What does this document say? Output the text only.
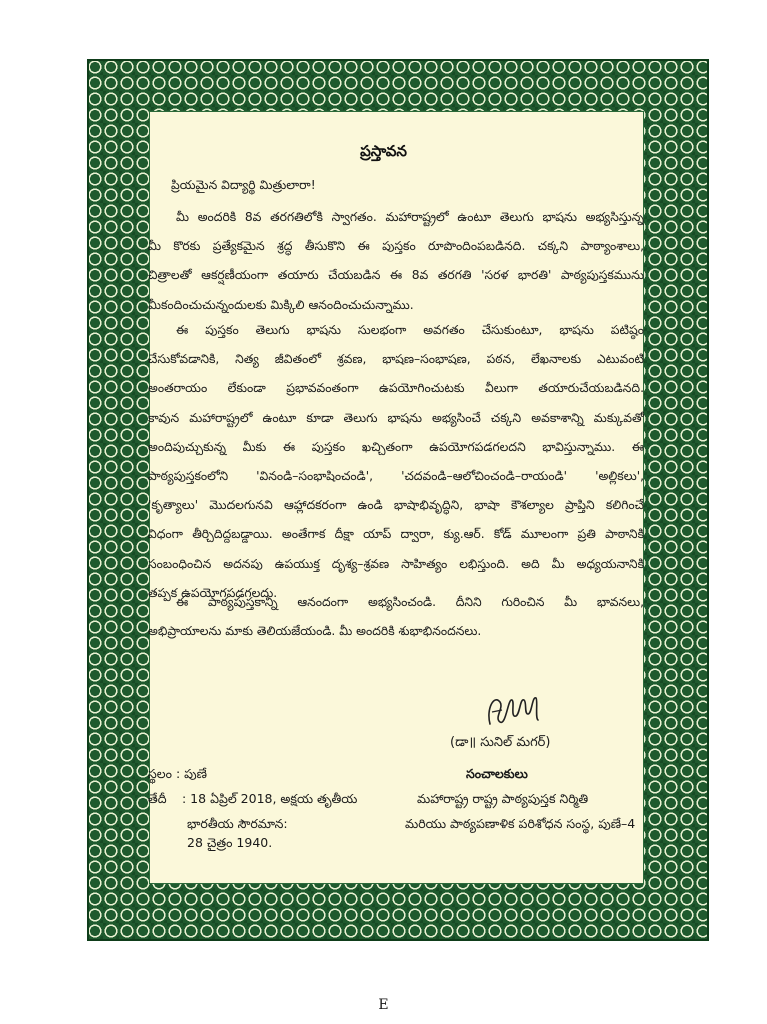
ప్రస్తావన
ప్రియమైన విద్యార్థి మిత్రులారా!
మీ అందరికి 8వ తరగతిలోకి స్వాగతం. మహారాష్ట్రలో ఉంటూ తెలుగు భాషను అభ్యసిస్తున్న
మీ కొరకు ప్రత్యేకమైన శ్రద్ధ తీసుకొని ఈ పుస్తకం రూపొందింపబడినది. చక్కని పాఠ్యాంశాలు,
చిత్రాలతో ఆకర్షణీయంగా తయారు చేయబడిన ఈ 8వ తరగతి 'సరళ భారతి' పాఠ్యపుస్తకమును
మీకందించుచున్నందులకు మిక్కిలి ఆనందించుచున్నాము.
ఈ పుస్తకం తెలుగు భాషను సులభంగా అవగతం చేసుకుంటూ, భాషను పటిష్ఠం
చేసుకోవడానికి, నిత్య జీవితంలో శ్రవణ, భాషణ–సంభాషణ, పఠన, లేఖనాలకు ఎటువంటి
అంతరాయం లేకుండా ప్రభావవంతంగా ఉపయోగించుటకు వీలుగా తయారుచేయబడినది.
కావున మహారాష్ట్రలో ఉంటూ కూడా తెలుగు భాషను అభ్యసించే చక్కని అవకాశాన్ని మక్కువతో
అందిపుచ్చుకున్న మీకు ఈ పుస్తకం ఖచ్చితంగా ఉపయోగపడగలదని భావిస్తున్నాము. ఈ
పాఠ్యపుస్తకంలోని 'వినండి–సంభాషించండి', 'చదవండి–ఆలోచించండి–రాయండి' 'అల్లికలు',
'కృత్యాలు' మొదలగునవి ఆహ్లాదకరంగా ఉండి భాషాభివృద్ధిని, భాషా కౌశల్యాల ప్రాప్తిని కలిగించే
విధంగా తీర్చిదిద్దబడ్డాయి. అంతేగాక దీక్షా యాప్ ద్వారా, క్యు.ఆర్. కోడ్ మూలంగా ప్రతి పాఠానికి
సంబంధించిన అదనపు ఉపయుక్త దృశ్య–శ్రవణ సాహిత్యం లభిస్తుంది. అది మీ అధ్యయనానికి
తప్పక ఉపయోగపడగలదు.
ఈ పాఠ్యపుస్తకాన్ని ఆనందంగా అభ్యసించండి. దీనిని గురించిన మీ భావనలు,
అభిప్రాయాలను మాకు తెలియజేయండి. మీ అందరికి శుభాభినందనలు.
(డా॥ సునిల్ మగర్)
స్థలం : పుణే	సంచాలకులు
తేదీ : 18 ఏప్రిల్ 2018, అక్షయ తృతీయ	మహారాష్ట్ర రాష్ట్ర పాఠ్యపుస్తక నిర్మితి
భారతీయ సౌరమాన:	మరియు పాఠ్యపణాళిక పరిశోధన సంస్థ, పుణే–4
28 చైత్రం 1940.
E
